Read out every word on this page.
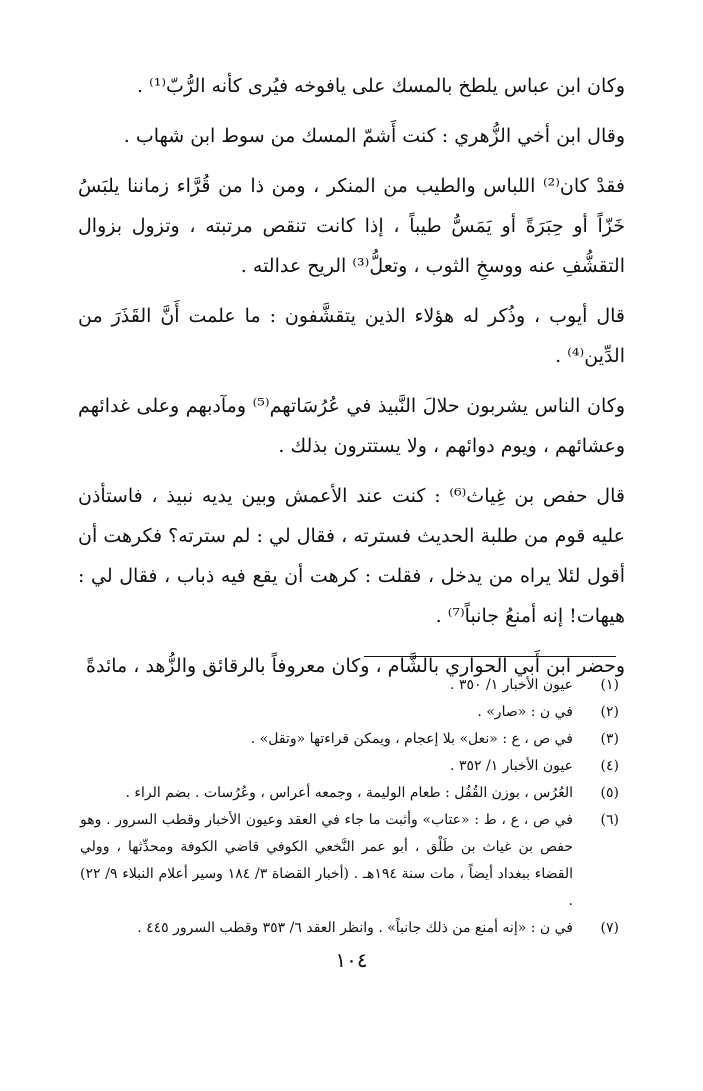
وكان ابن عباس يلطخ بالمسك على يافوخه فيُرى كأنه الرُّبّ⁽¹⁾ .

وقال ابن أخي الزُّهري : كنت أَشمّ المسك من سوط ابن شهاب .

فقدْ كان⁽²⁾ اللباس والطيب من المنكر ، ومن ذا من قُرَّاء زماننا يلبَسُ خَزّاً أو حِبَرَةً أو يَمَسُّ طيباً ، إذا كانت تنقص مرتبته ، وتزول بزوال التقشُّفِ عنه ووسخِ الثوب ، وتعلُّ⁽³⁾ الريح عدالته .

قال أيوب ، وذُكر له هؤلاء الذين يتقشَّفون : ما علمت أَنَّ القَذَرَ من الدِّين⁽⁴⁾ .

وكان الناس يشربون حلالَ النَّبيذ في عُرُسَاتهم⁽⁵⁾ ومآدبهم وعلى غدائهم وعشائهم ، ويوم دوائهم ، ولا يستترون بذلك .

قال حفص بن غِياث⁽⁶⁾ : كنت عند الأعمش وبين يديه نبيذ ، فاستأذن عليه قوم من طلبة الحديث فسترته ، فقال لي : لم سترته؟ فكرهت أن أقول لئلا يراه من يدخل ، فقلت : كرهت أن يقع فيه ذباب ، فقال لي : هيهات! إنه أمنعُ جانباً⁽⁷⁾ .

وحضر ابن أَبي الحواري بالشَّام ، وكان معروفاً بالرقائق والزُّهد ، مائدةً

(١)
عيون الأخبار ١/ ٣٥٠ .
(٢)
في ن : «صار» .
(٣)
في ص ، ع : «نعل» بلا إعجام ، ويمكن قراءتها «وتقل» .
(٤)
عيون الأخبار ١/ ٣٥٢ .
(٥)
العُرُس ، بوزن القُفُل : طعام الوليمة ، وجمعه أعراس ، وعُرُسات . بضم الراء .
(٦)
في ص ، ع ، ط : «عتاب» وأثبت ما جاء في العقد وعيون الأخبار وقطب السرور . وهو حفص بن غياث بن طَلْق ، أبو عمر النَّخعي الكوفي قاضي الكوفة ومحدِّثها ، وولي القضاء ببغداد أيضاً ، مات سنة ١٩٤هـ . (أخبار القضاة ٣/ ١٨٤ وسير أعلام النبلاء ٩/ ٢٢) .
(٧)
في ن : «إنه أمنع من ذلك جانباً» . وانظر العقد ٦/ ٣٥٣ وقطب السرور ٤٤٥ .
١٠٤
